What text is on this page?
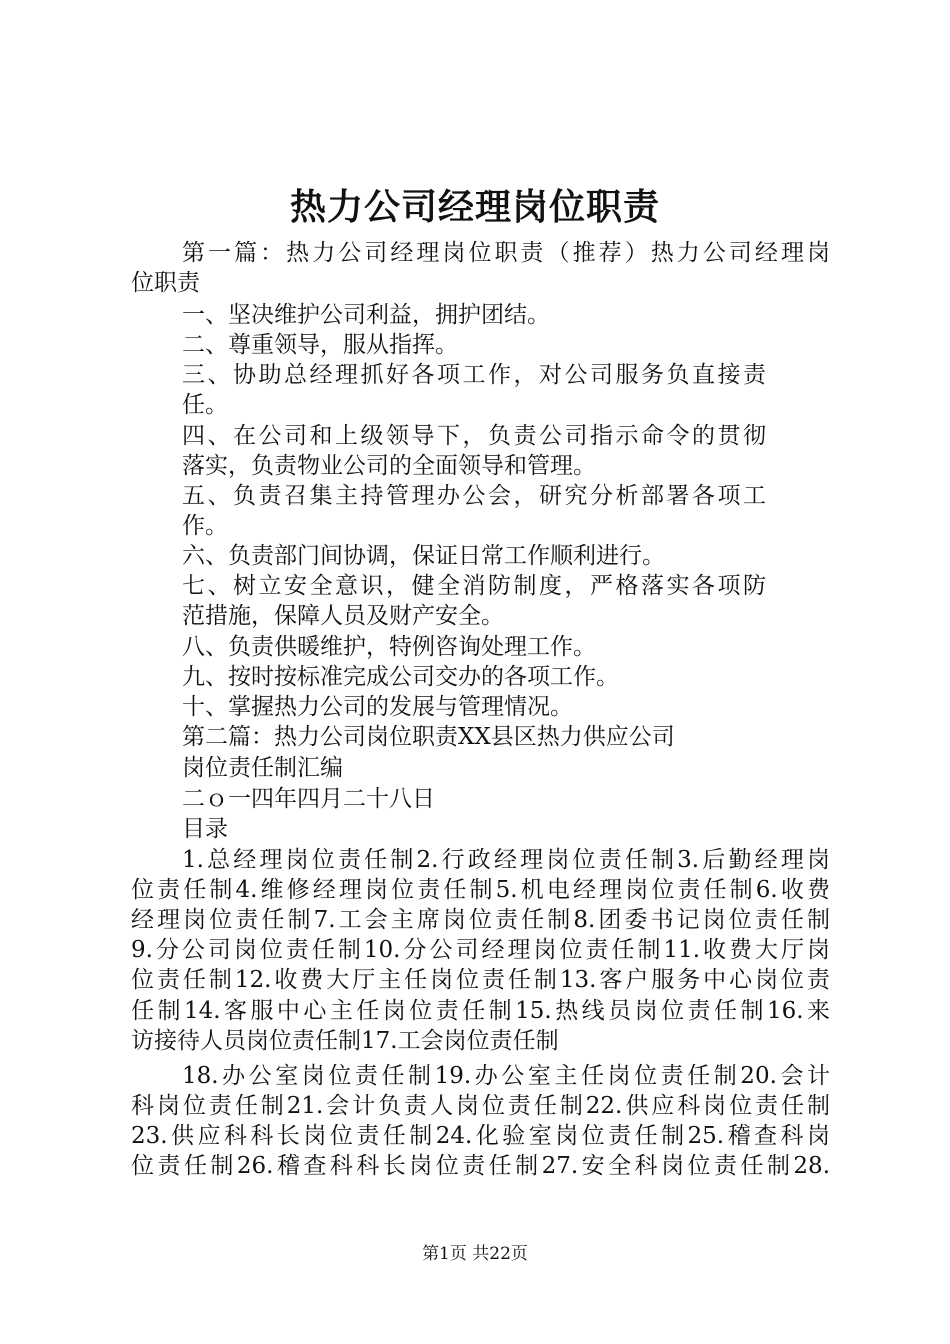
热力公司经理岗位职责

第一篇：热力公司经理岗位职责（推荐）热力公司经理岗

位职责

一、坚决维护公司利益，拥护团结。

二、尊重领导，服从指挥。

三、协助总经理抓好各项工作，对公司服务负直接责

任。

四、在公司和上级领导下，负责公司指示命令的贯彻

落实，负责物业公司的全面领导和管理。

五、负责召集主持管理办公会，研究分析部署各项工

作。

六、负责部门间协调，保证日常工作顺利进行。

七、树立安全意识，健全消防制度，严格落实各项防

范措施，保障人员及财产安全。

八、负责供暖维护，特例咨询处理工作。

九、按时按标准完成公司交办的各项工作。

十、掌握热力公司的发展与管理情况。

第二篇：热力公司岗位职责XX县区热力供应公司

岗位责任制汇编

二ｏ一四年四月二十八日

目录

1.总经理岗位责任制2.行政经理岗位责任制3.后勤经理岗

位责任制4.维修经理岗位责任制5.机电经理岗位责任制6.收费

经理岗位责任制7.工会主席岗位责任制8.团委书记岗位责任制

9.分公司岗位责任制10.分公司经理岗位责任制11.收费大厅岗

位责任制12.收费大厅主任岗位责任制13.客户服务中心岗位责

任制14.客服中心主任岗位责任制15.热线员岗位责任制16.来

访接待人员岗位责任制17.工会岗位责任制

18.办公室岗位责任制19.办公室主任岗位责任制20.会计

科岗位责任制21.会计负责人岗位责任制22.供应科岗位责任制

23.供应科科长岗位责任制24.化验室岗位责任制25.稽查科岗

位责任制26.稽查科科长岗位责任制27.安全科岗位责任制28.

第1页 共22页
